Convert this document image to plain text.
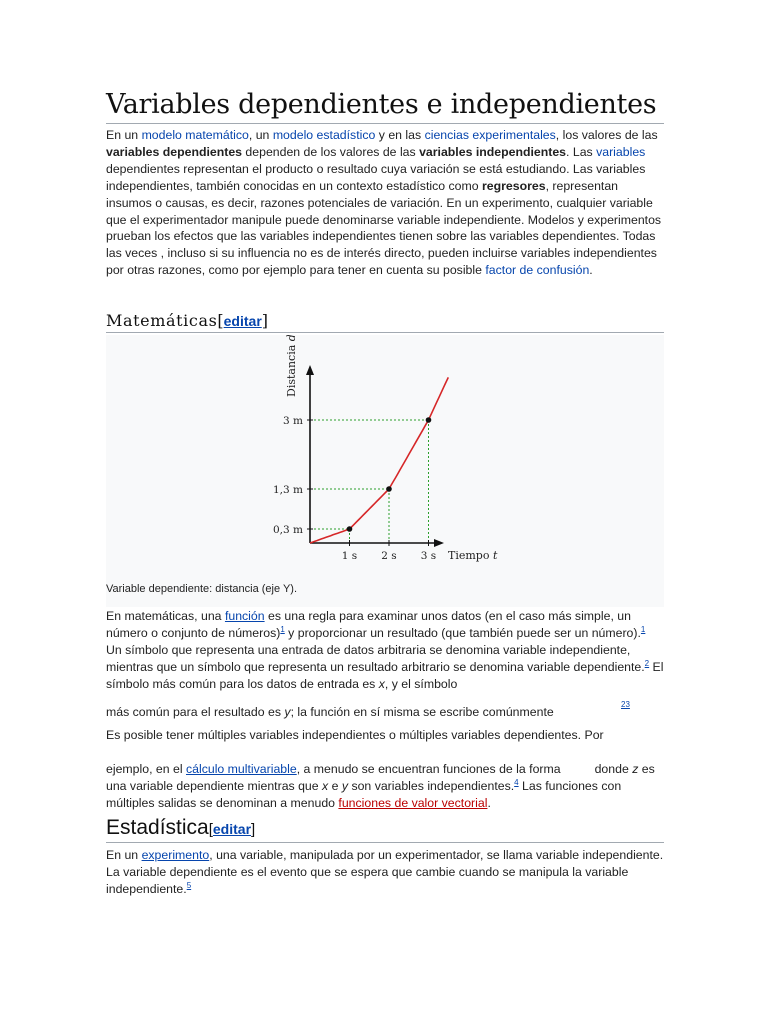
Variables dependientes e independientes

En un modelo matemático, un modelo estadístico y en las ciencias experimentales, los valores de las variables dependientes dependen de los valores de las variables independientes. Las variables dependientes representan el producto o resultado cuya variación se está estudiando. Las variables independientes, también conocidas en un contexto estadístico como regresores, representan insumos o causas, es decir, razones potenciales de variación. En un experimento, cualquier variable que el experimentador manipule puede denominarse variable independiente. Modelos y experimentos prueban los efectos que las variables independientes tienen sobre las variables dependientes. Todas las veces , incluso si su influencia no es de interés directo, pueden incluirse variables independientes por otras razones, como por ejemplo para tener en cuenta su posible factor de confusión.

Matemáticas[editar]
1 s 2 s 3 s
3 m
1,3 m
0,3 m
Distancia d
Tiempo t
Variable dependiente: distancia (eje Y).

En matemáticas, una función es una regla para examinar unos datos (en el caso más simple, un número o conjunto de números)$^1$ y proporcionar un resultado (que también puede ser un número).$^1$ Un símbolo que representa una entrada de datos arbitraria se denomina variable independiente, mientras que un símbolo que representa un resultado arbitrario se denomina variable dependiente.$^2$ El símbolo más común para los datos de entrada es x, y el símbolo

más común para el resultado es y; la función en sí misma se escribe comúnmente
$^{23}$
Es posible tener múltiples variables independientes o múltiples variables dependientes. Por

ejemplo, en el cálculo multivariable, a menudo se encuentran funciones de la forma	donde z es una variable dependiente mientras que x e y son variables independientes.$^4$ Las funciones con múltiples salidas se denominan a menudo funciones de valor vectorial.

Estadística[editar]

En un experimento, una variable, manipulada por un experimentador, se llama variable independiente. La variable dependiente es el evento que se espera que cambie cuando se manipula la variable independiente.$^5$
